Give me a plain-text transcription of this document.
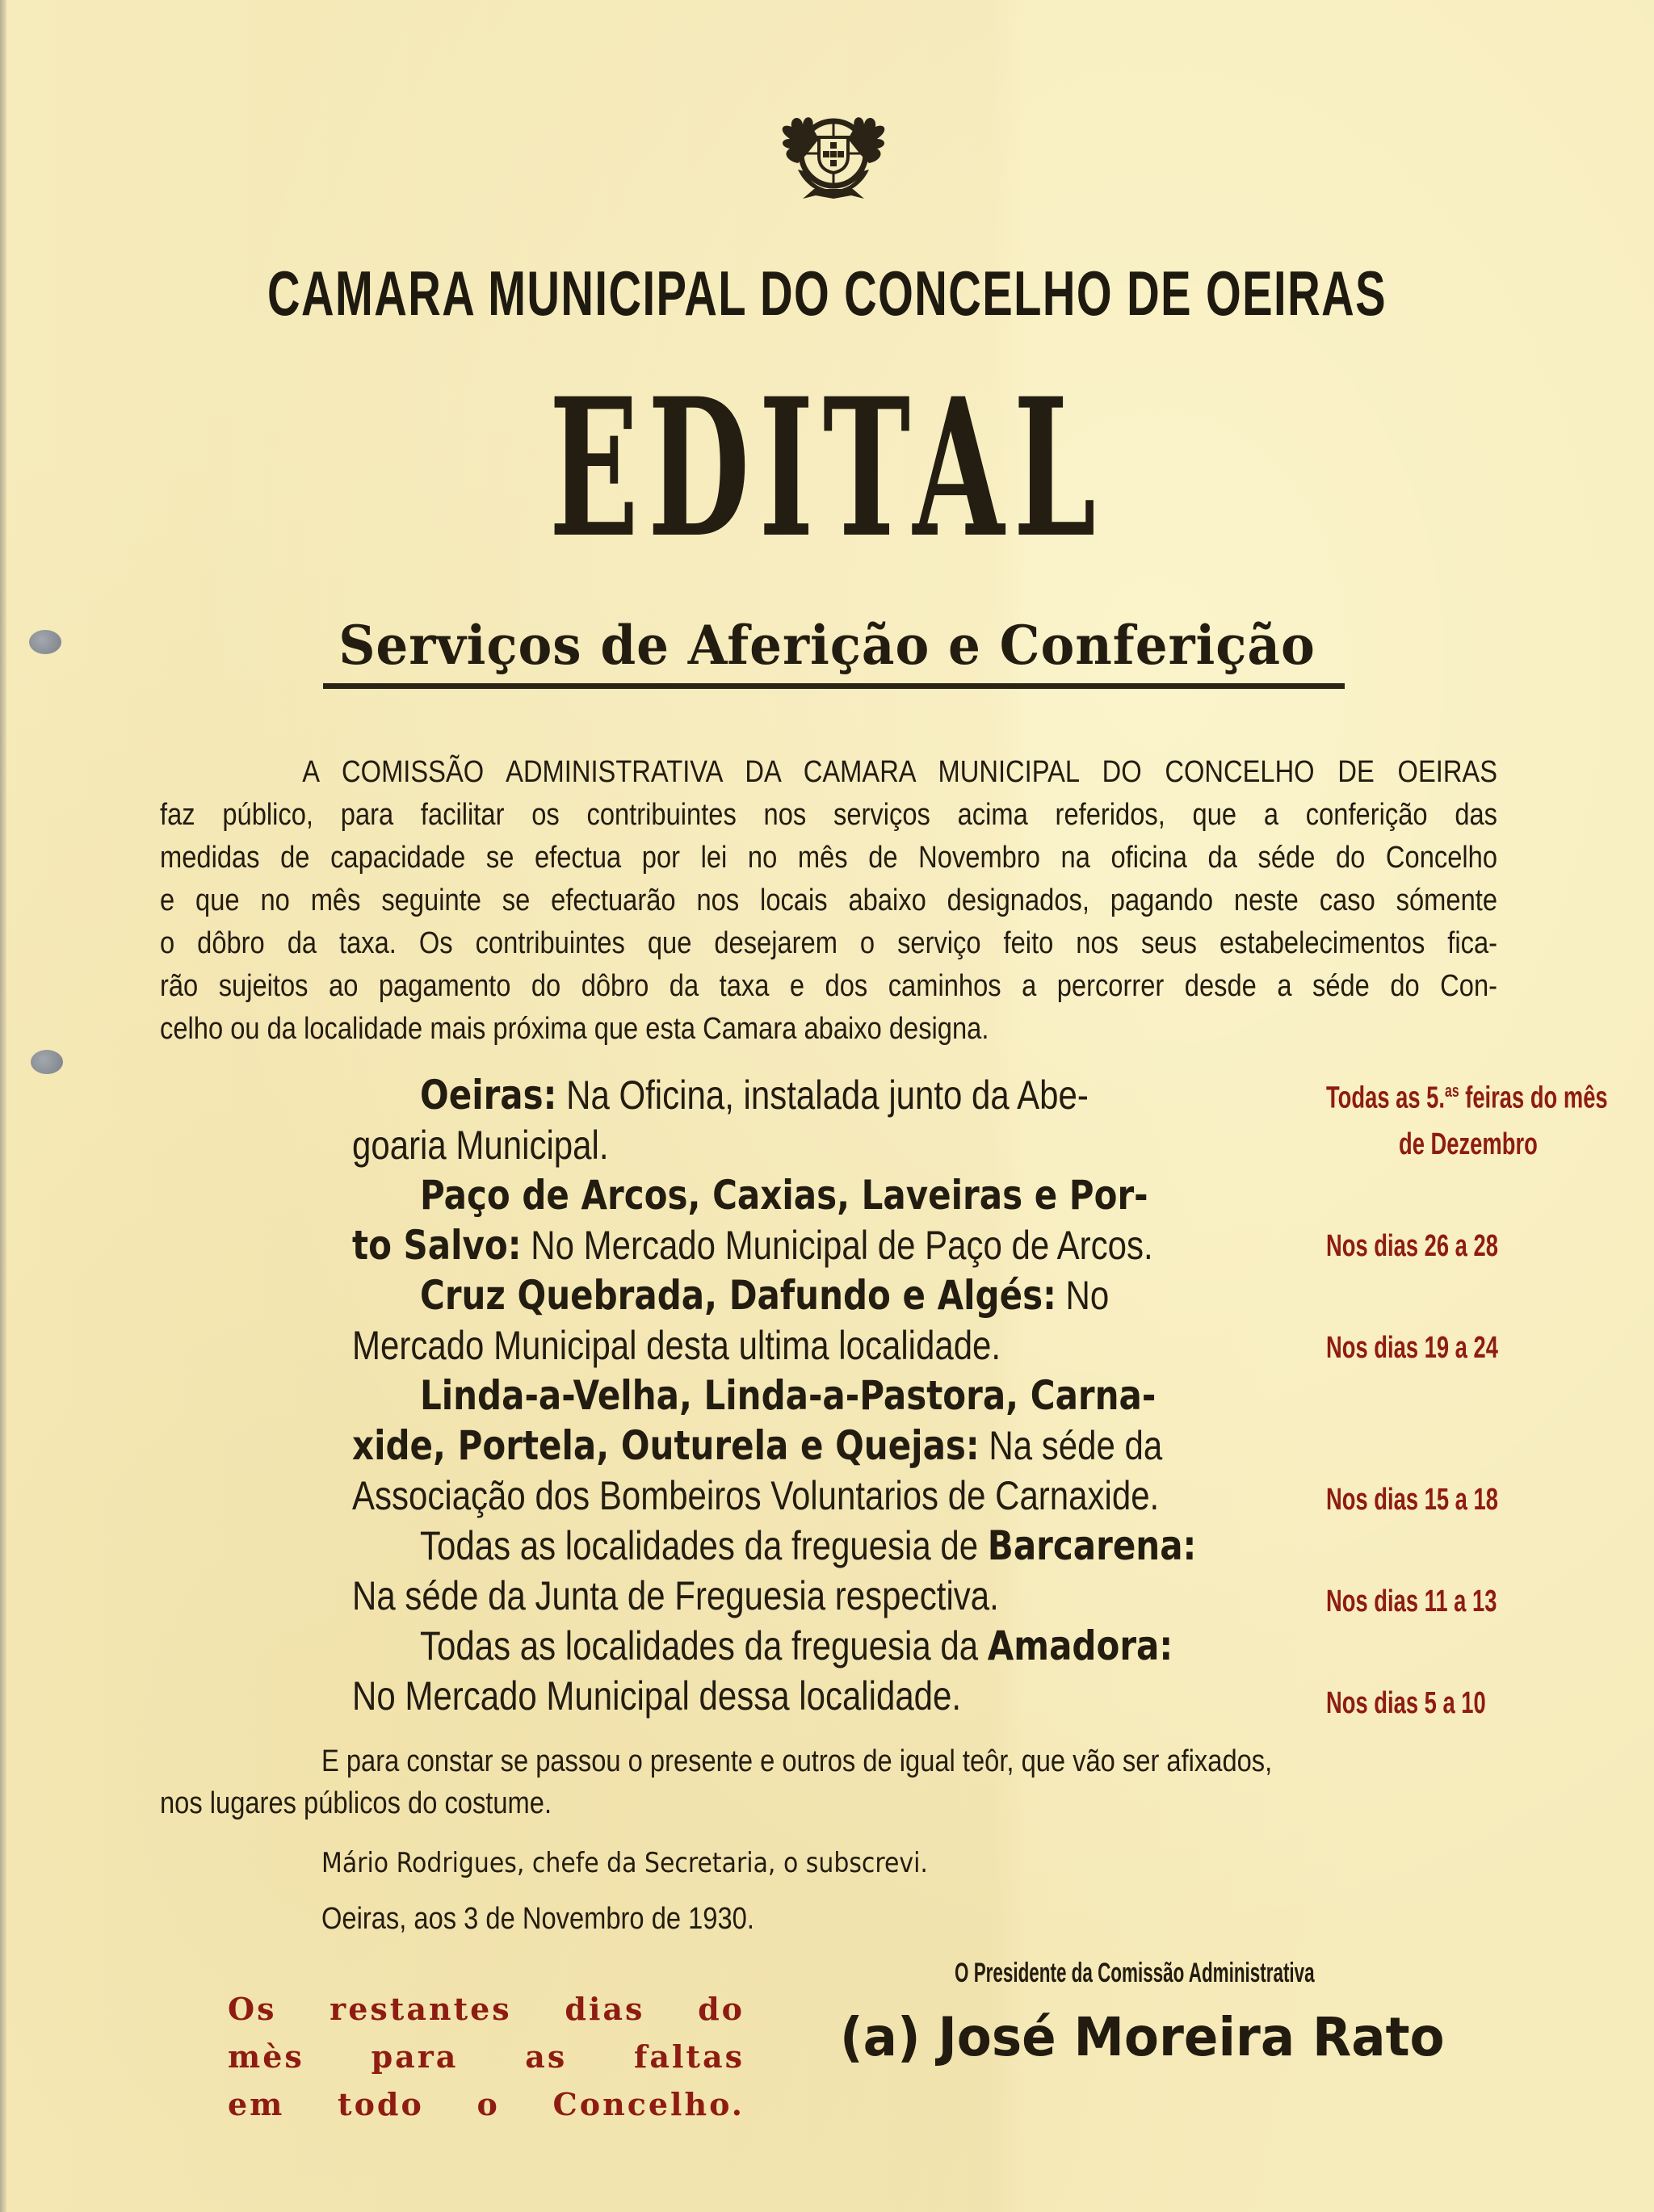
CAMARA MUNICIPAL DO CONCELHO DE OEIRAS
EDITAL
Serviços de Aferição e Conferição
A COMISSÃO ADMINISTRATIVA DA CAMARA MUNICIPAL DO CONCELHO DE OEIRAS
faz público, para facilitar os contribuintes nos serviços acima referidos, que a conferição das
medidas de capacidade se efectua por lei no mês de Novembro na oficina da séde do Concelho
e que no mês seguinte se efectuarão nos locais abaixo designados, pagando neste caso sómente
o dôbro da taxa. Os contribuintes que desejarem o serviço feito nos seus estabelecimentos fica-
rão sujeitos ao pagamento do dôbro da taxa e dos caminhos a percorrer desde a séde do Con-
celho ou da localidade mais próxima que esta Camara abaixo designa.
Oeiras: Na Oficina, instalada junto da Abe-
goaria Municipal.
Paço de Arcos, Caxias, Laveiras e Por-
to Salvo: No Mercado Municipal de Paço de Arcos.
Cruz Quebrada, Dafundo e Algés: No
Mercado Municipal desta ultima localidade.
Linda-a-Velha, Linda-a-Pastora, Carna-
xide, Portela, Outurela e Quejas: Na séde da
Associação dos Bombeiros Voluntarios de Carnaxide.
Todas as localidades da freguesia de Barcarena:
Na séde da Junta de Freguesia respectiva.
Todas as localidades da freguesia da Amadora:
No Mercado Municipal dessa localidade.
Todas as 5.$^{as}$ feiras do mês
de Dezembro
Nos dias 26 a 28
Nos dias 19 a 24
Nos dias 15 a 18
Nos dias 11 a 13
Nos dias 5 a 10
E para constar se passou o presente e outros de igual teôr, que vão ser afixados,
nos lugares públicos do costume.
Mário Rodrigues, chefe da Secretaria, o subscrevi.
Oeiras, aos 3 de Novembro de 1930.
Os restantes dias do
mès para as faltas
em todo o Concelho.
O Presidente da Comissão Administrativa
(a) José Moreira Rato
